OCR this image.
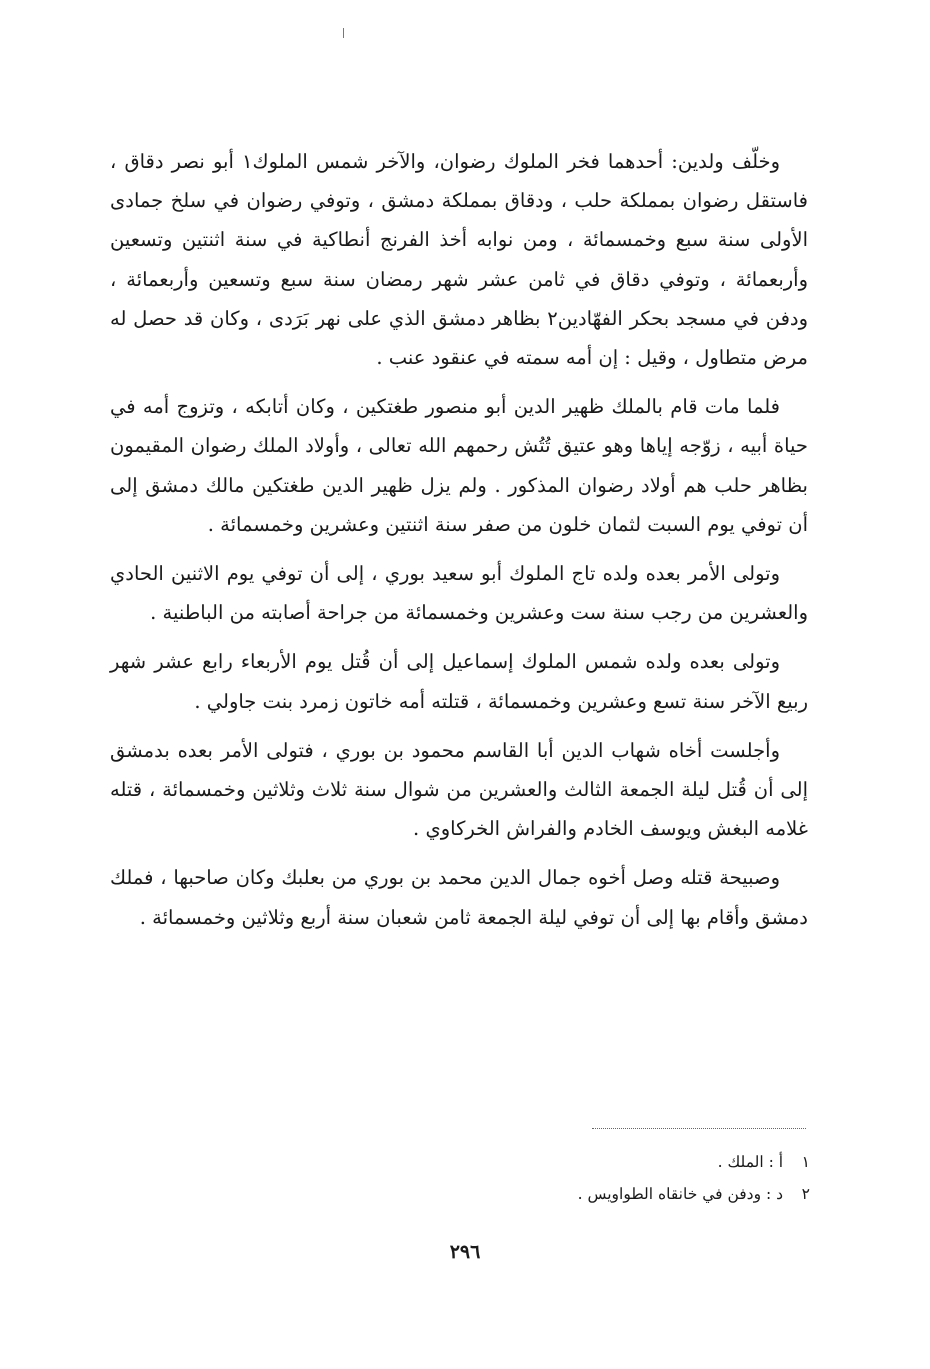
وخلّف ولدين: أحدهما فخر الملوك رضوان، والآخر شمس الملوك١ أبو نصر دقاق ، فاستقل رضوان بمملكة حلب ، ودقاق بمملكة دمشق ، وتوفي رضوان في سلخ جمادى الأولى سنة سبع وخمسمائة ، ومن نوابه أخذ الفرنج أنطاكية في سنة اثنتين وتسعين وأربعمائة ، وتوفي دقاق في ثامن عشر شهر رمضان سنة سبع وتسعين وأربعمائة ، ودفن في مسجد بحكر الفهّادين٢ بظاهر دمشق الذي على نهر بَرَدى ، وكان قد حصل له مرض متطاول ، وقيل : إن أمه سمته في عنقود عنب .

فلما مات قام بالملك ظهير الدين أبو منصور طغتكين ، وكان أتابكه ، وتزوج أمه في حياة أبيه ، زوّجه إياها وهو عتيق تُتُش رحمهم الله تعالى ، وأولاد الملك رضوان المقيمون بظاهر حلب هم أولاد رضوان المذكور . ولم يزل ظهير الدين طغتكين مالك دمشق إلى أن توفي يوم السبت لثمان خلون من صفر سنة اثنتين وعشرين وخمسمائة .

وتولى الأمر بعده ولده تاج الملوك أبو سعيد بوري ، إلى أن توفي يوم الاثنين الحادي والعشرين من رجب سنة ست وعشرين وخمسمائة من جراحة أصابته من الباطنية .

وتولى بعده ولده شمس الملوك إسماعيل إلى أن قُتل يوم الأربعاء رابع عشر شهر ربيع الآخر سنة تسع وعشرين وخمسمائة ، قتلته أمه خاتون زمرد بنت جاولي .

وأجلست أخاه شهاب الدين أبا القاسم محمود بن بوري ، فتولى الأمر بعده بدمشق إلى أن قُتل ليلة الجمعة الثالث والعشرين من شوال سنة ثلاث وثلاثين وخمسمائة ، قتله غلامه البغش ويوسف الخادم والفراش الخركاوي .

وصبيحة قتله وصل أخوه جمال الدين محمد بن بوري من بعلبك وكان صاحبها ، فملك دمشق وأقام بها إلى أن توفي ليلة الجمعة ثامن شعبان سنة أربع وثلاثين وخمسمائة .

١ أ : الملك .
٢ د : ودفن في خانقاه الطواويس .
٢٩٦
